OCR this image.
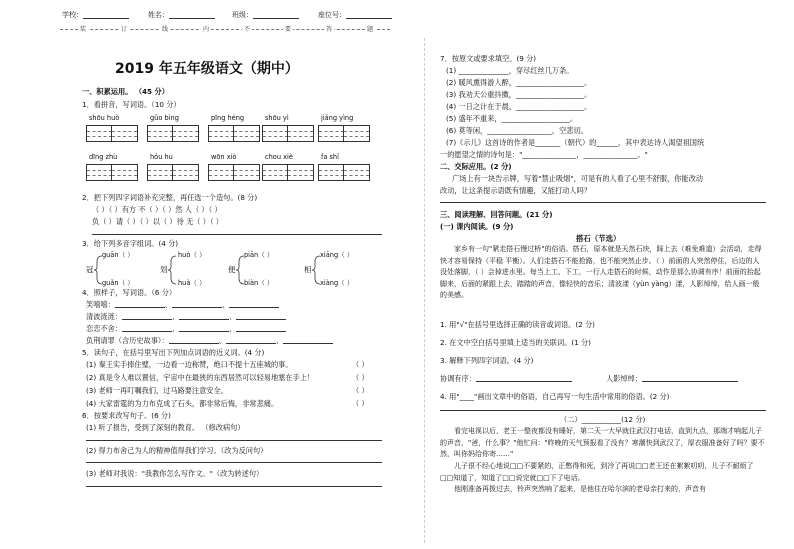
学校：	姓名：	班级：	座位号：
装	订	线	内	不	要	答	题
2019 年五年级语文（期中）
一、积累运用。 （45 分）
1．看拼音，写词语。（10 分）
shōu huò	gǔo bìng	pīng héng	shōu yì	jiǎng yìng
dīng zhù	hóu hu	wōn xiò	chou xiè	fa shǐ
2．把下列四字词语补充完整，再任选一个造句。(8 分)
（ ）（ ）有方 不（ ）（ ）然 人（ ）（ ）
负（ ）请（ ）（ ）以（ ）待 无（ ）（ ）
3．给下列多音字组词。(4 分)
guān（ ）
冠
guǎn（ ）
huò（ ）
划
huà（ ）
piān（ ）
便
biàn（ ）
xiāng（ ）
相
xiàng（ ）
4．照样子，写词语。（6 分）
笑嘻嘻：	、	、
清波涟涟：	、	、
恋恋不舍：	、	、
负荆请罪（含历史故事）：	、	、
5．读句子，在括号里写出下列加点词语的近义词。(4 分)
(1) 秦王实手捧住璧，一边看一边称赞，绝口不提十五座城的事。	（ ）
(2) 真是令人难以置信，宇宙中在最狭的东西居然可以轻易地塞在手上！	（ ）
(3) 老师一再叮嘱我们，过马路要注意安全。	（ ）
(4) 大家雷霆的为力布克成了石头，都非常后悔，非常悲痛。	（ ）
6．按要求改写句子。(6 分)
(1) 听了报告，受到了深刻的教育。 （修改病句）
(2) 得力布舍己为人的精神值得我们学习。（改为反问句）
(3) 老师对我说："我教你怎么写作文。"（改为转述句）
7．按原文或要求填空。(9 分)
(1) ______________，穿尽红丝几万条。
(2) 暖风熏得游人醉，___________________。
(3) 我劝天公重抖擞，___________________。
(4) 一日之计在于晨，___________________。
(5) 盛年不重来，___________________。
(6) 莫等闲，__________________，空悲切。
(7)《示儿》这首诗的作者是_______（朝代）的______，其中表达诗人渴望祖国统
一的愿望之情的诗句是："_______________，_______________。"
二、交际应用。(2 分)
广场上有一块告示牌，写着"禁止吸烟"，可是有的人看了心里不舒服，你能改动
改动，让这条提示语既有情趣，又能打动人吗？
三、阅读理解、回答问题。(21 分)
(一) 课内阅读。(9 分)
搭石（节选）
家乡有一句"紧走搭石慢过桥"的俗语。搭石，原本就是天然石块，踩上去（难免难道）会活动，走得快才容易保持（平稳 平衡）。人们走搭石不能抢路，也不能突然止步。（ ）前面的人突然停住，后边的人没处落脚，（ ）会掉进水里。每当上工、下工，一行人走搭石的时候，动作是那么协调有序！前面的抬起脚来，后面的紧跟上去，踏踏的声音，像轻快的音乐；清波漾（yùn yàng）漾，人影绰绰，给人画一般的美感。
1. 用"√"在括号里选择正确的读音或词语。(2 分)
2. 在文中空白括号里填上适当的关联词。(1 分)
3. 解释下列四字词语。(4 分)
协调有序：	人影绰绰：
4. 用"____"画出文章中的俗语，自己再写一句生活中常用的俗语。(2 分)
（二）___________(12 分)
看完电视以后，老王一整夜都没有睡好，第二天一大早就往武汉打电话，直到九点，那端才响起儿子的声音，"爸，什么事？"他忙问："昨晚的天气预报看了没有？寒潮快到武汉了，厚衣服准备好了吗？要不然，叫你妈给你寄……"
儿子很不经心地说□□不要紧的，正憋得和死，到冷了再说□□老王还在絮絮叨叨，儿子不耐烦了□□知道了，知道了□□说完就□□下了电话。
他刚准备再拨过去，铃声突然响了起来，是他住在哈尔滨的老母亲打来的，声音有
